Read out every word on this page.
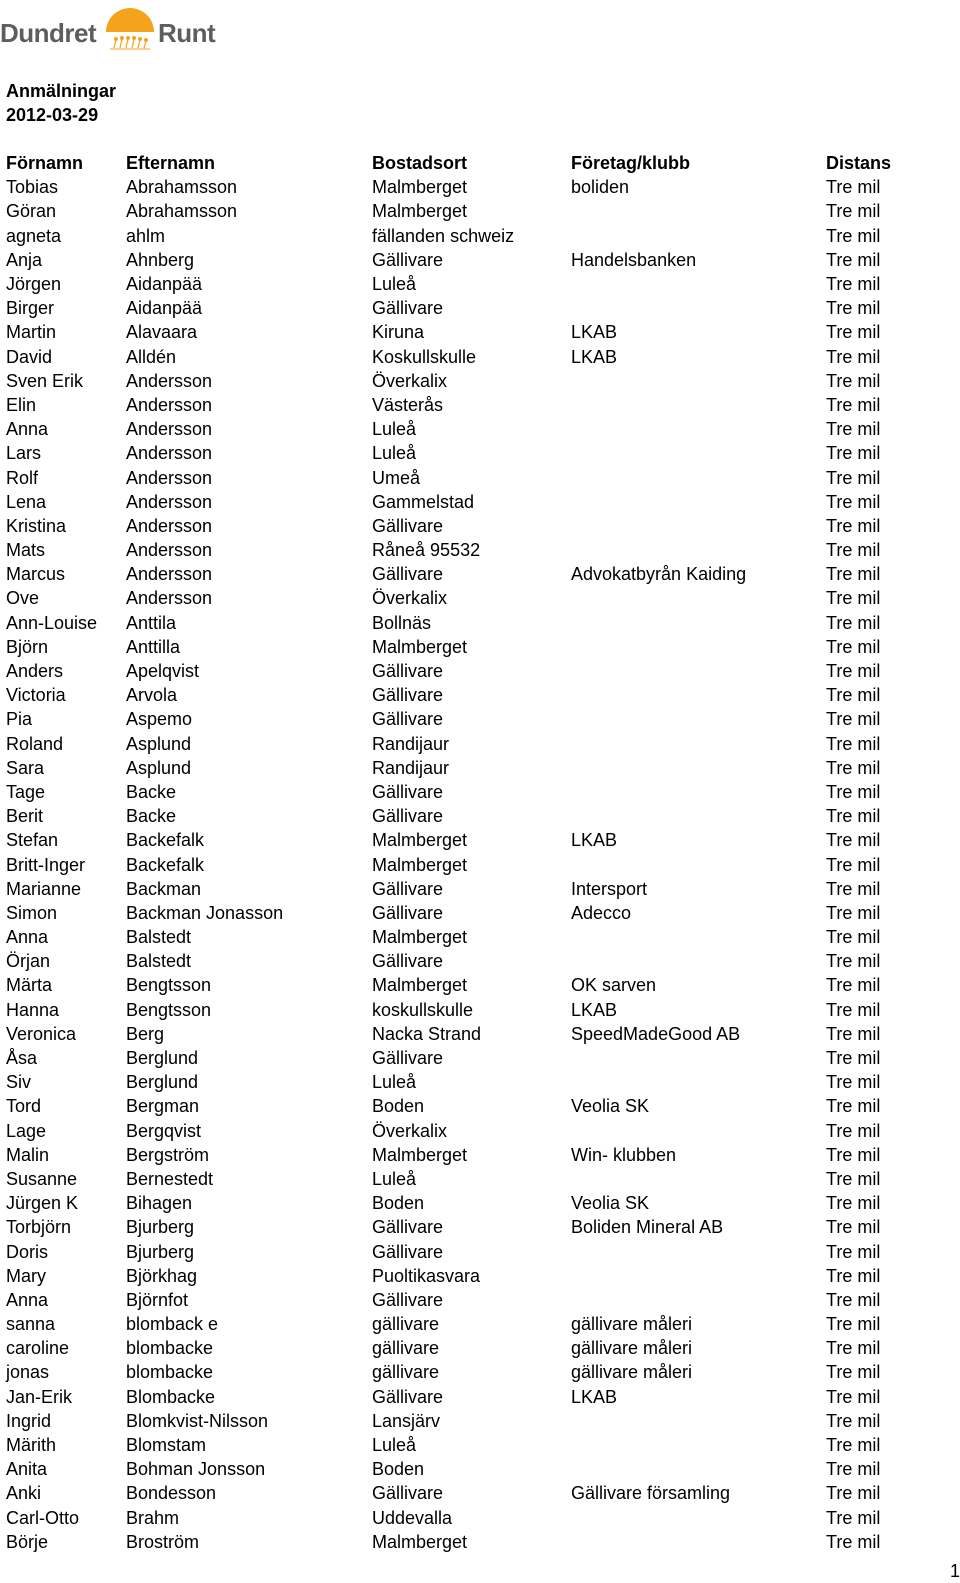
Dundret Runt
Anmälningar
2012-03-29
Förnamn	Efternamn	Bostadsort	Företag/klubb	Distans
Tobias	Abrahamsson	Malmberget	boliden	Tre mil
Göran	Abrahamsson	Malmberget		Tre mil
agneta	ahlm	fällanden schweiz		Tre mil
Anja	Ahnberg	Gällivare	Handelsbanken	Tre mil
Jörgen	Aidanpää	Luleå		Tre mil
Birger	Aidanpää	Gällivare		Tre mil
Martin	Alavaara	Kiruna	LKAB	Tre mil
David	Alldén	Koskullskulle	LKAB	Tre mil
Sven Erik	Andersson	Överkalix		Tre mil
Elin	Andersson	Västerås		Tre mil
Anna	Andersson	Luleå		Tre mil
Lars	Andersson	Luleå		Tre mil
Rolf	Andersson	Umeå		Tre mil
Lena	Andersson	Gammelstad		Tre mil
Kristina	Andersson	Gällivare		Tre mil
Mats	Andersson	Råneå 95532		Tre mil
Marcus	Andersson	Gällivare	Advokatbyrån Kaiding	Tre mil
Ove	Andersson	Överkalix		Tre mil
Ann-Louise	Anttila	Bollnäs		Tre mil
Björn	Anttilla	Malmberget		Tre mil
Anders	Apelqvist	Gällivare		Tre mil
Victoria	Arvola	Gällivare		Tre mil
Pia	Aspemo	Gällivare		Tre mil
Roland	Asplund	Randijaur		Tre mil
Sara	Asplund	Randijaur		Tre mil
Tage	Backe	Gällivare		Tre mil
Berit	Backe	Gällivare		Tre mil
Stefan	Backefalk	Malmberget	LKAB	Tre mil
Britt-Inger	Backefalk	Malmberget		Tre mil
Marianne	Backman	Gällivare	Intersport	Tre mil
Simon	Backman Jonasson	Gällivare	Adecco	Tre mil
Anna	Balstedt	Malmberget		Tre mil
Örjan	Balstedt	Gällivare		Tre mil
Märta	Bengtsson	Malmberget	OK sarven	Tre mil
Hanna	Bengtsson	koskullskulle	LKAB	Tre mil
Veronica	Berg	Nacka Strand	SpeedMadeGood AB	Tre mil
Åsa	Berglund	Gällivare		Tre mil
Siv	Berglund	Luleå		Tre mil
Tord	Bergman	Boden	Veolia SK	Tre mil
Lage	Bergqvist	Överkalix		Tre mil
Malin	Bergström	Malmberget	Win- klubben	Tre mil
Susanne	Bernestedt	Luleå		Tre mil
Jürgen K	Bihagen	Boden	Veolia SK	Tre mil
Torbjörn	Bjurberg	Gällivare	Boliden Mineral AB	Tre mil
Doris	Bjurberg	Gällivare		Tre mil
Mary	Björkhag	Puoltikasvara		Tre mil
Anna	Björnfot	Gällivare		Tre mil
sanna	blomback e	gällivare	gällivare måleri	Tre mil
caroline	blombacke	gällivare	gällivare måleri	Tre mil
jonas	blombacke	gällivare	gällivare måleri	Tre mil
Jan-Erik	Blombacke	Gällivare	LKAB	Tre mil
Ingrid	Blomkvist-Nilsson	Lansjärv		Tre mil
Märith	Blomstam	Luleå		Tre mil
Anita	Bohman Jonsson	Boden		Tre mil
Anki	Bondesson	Gällivare	Gällivare församling	Tre mil
Carl-Otto	Brahm	Uddevalla		Tre mil
Börje	Broström	Malmberget		Tre mil
1
